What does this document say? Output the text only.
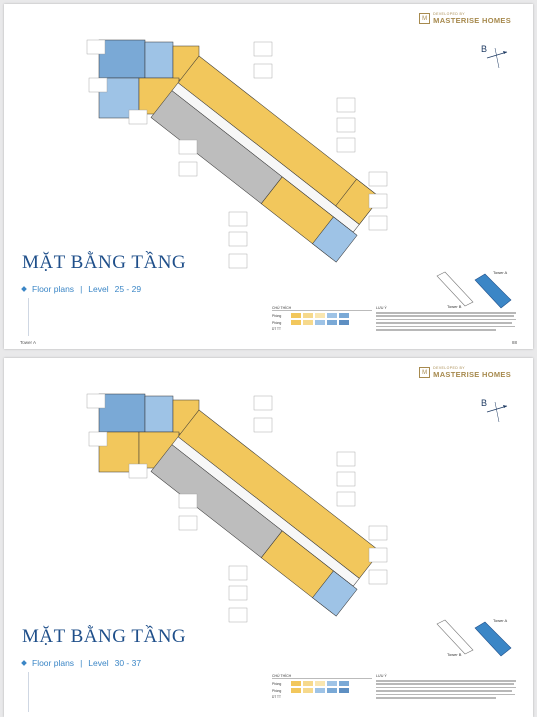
M
DEVELOPED BY
MASTERISE HOMES
B
MẶT BẰNG TẦNG
Floor plans | Level 25 - 29
CHÚ THÍCH
Phòng
Phòng
DT TT
LƯU Ý
Tower A
Tower B
Tower A	88
M
DEVELOPED BY
MASTERISE HOMES
B
MẶT BẰNG TẦNG
Floor plans | Level 30 - 37
CHÚ THÍCH
Phòng
Phòng
DT TT
LƯU Ý
Tower A
Tower B
